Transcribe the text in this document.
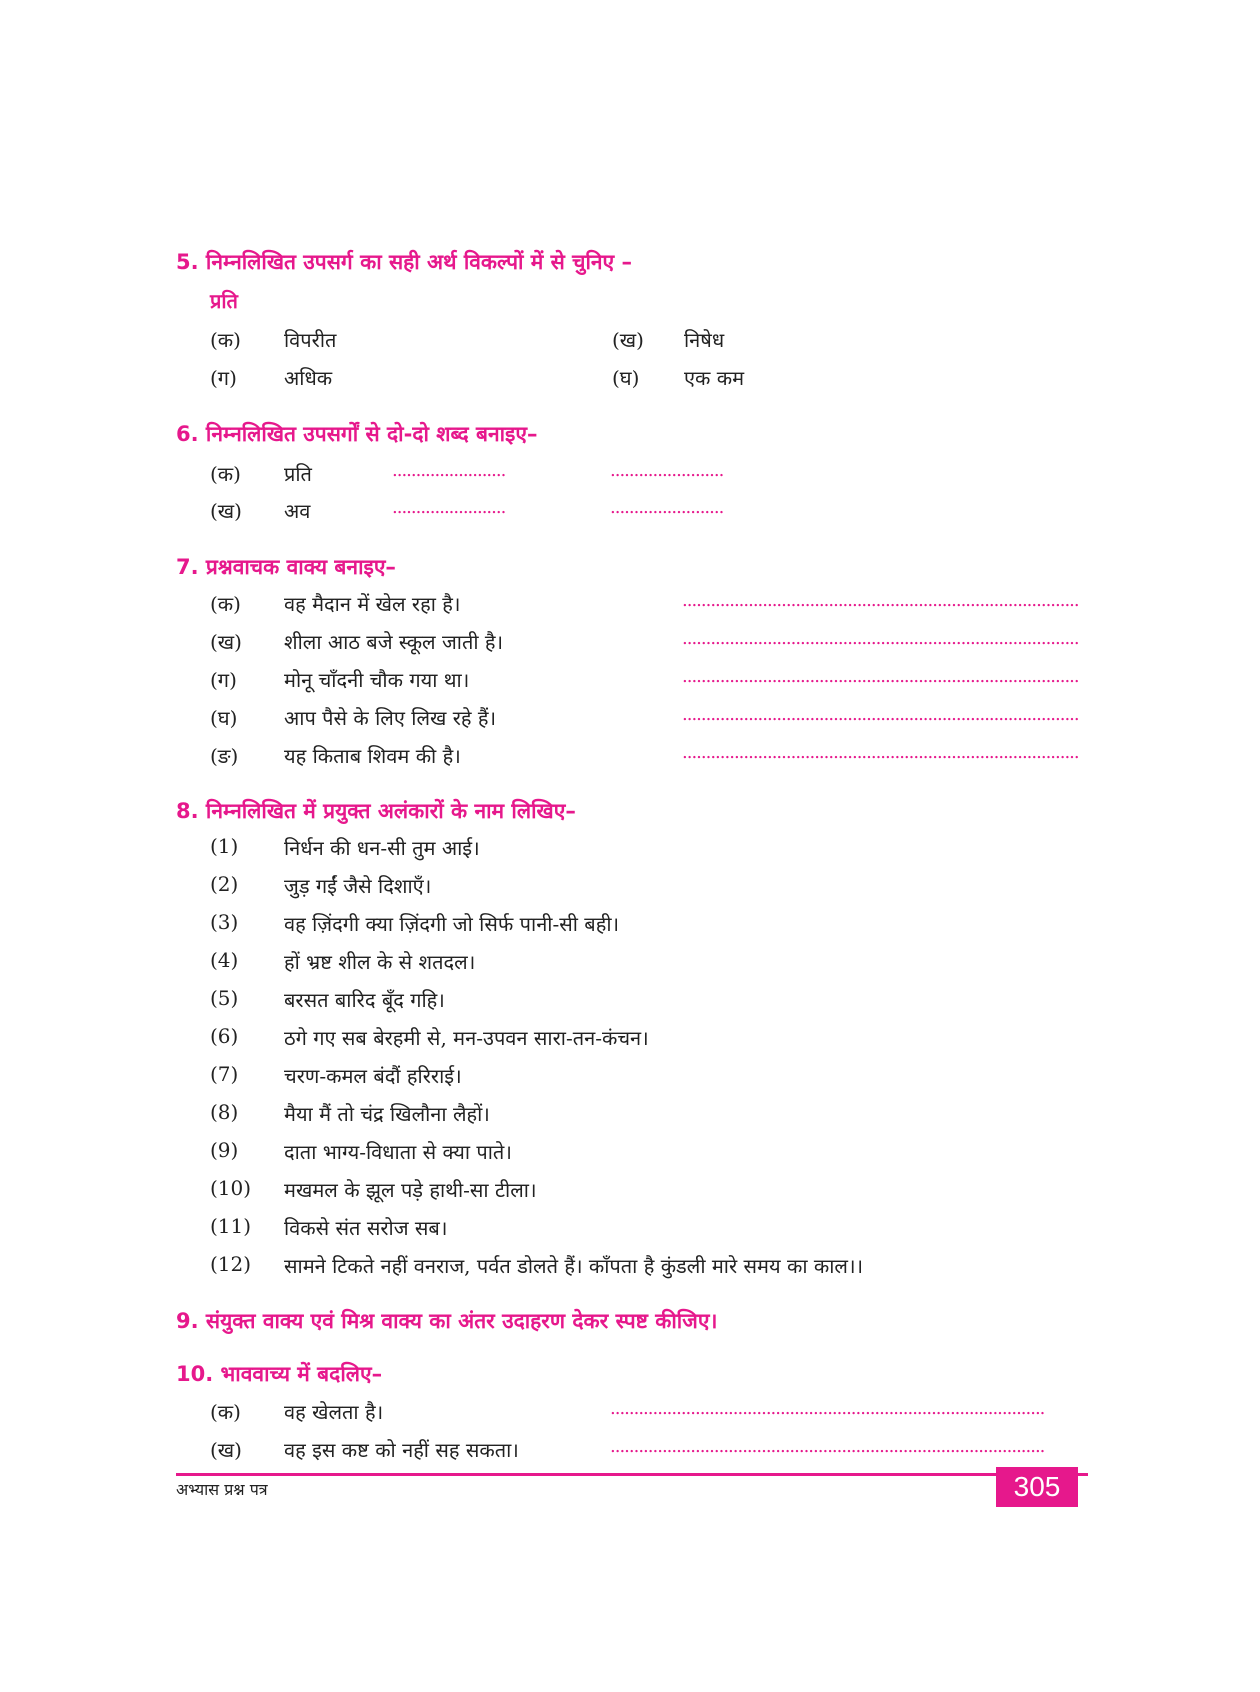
5. निम्नलिखित उपसर्ग का सही अर्थ विकल्पों में से चुनिए –
प्रति
(क) विपरीत	(ख) निषेध
(ग) अधिक	(घ) एक कम
6. निम्नलिखित उपसर्गों से दो-दो शब्द बनाइए–
(क) प्रति	........................	........................
(ख) अव	........................	........................
7. प्रश्नवाचक वाक्य बनाइए–
(क) वह मैदान में खेल रहा है।	....................................................................................
(ख) शीला आठ बजे स्कूल जाती है।	....................................................................................
(ग) मोनू चाँदनी चौक गया था।	....................................................................................
(घ) आप पैसे के लिए लिख रहे हैं।	....................................................................................
(ङ) यह किताब शिवम की है।	....................................................................................
8. निम्नलिखित में प्रयुक्त अलंकारों के नाम लिखिए–
(1) निर्धन की धन-सी तुम आई।
(2) जुड़ गईं जैसे दिशाएँ।
(3) वह ज़िंदगी क्या ज़िंदगी जो सिर्फ पानी-सी बही।
(4) हों भ्रष्ट शील के से शतदल।
(5) बरसत बारिद बूँद गहि।
(6) ठगे गए सब बेरहमी से, मन-उपवन सारा-तन-कंचन।
(7) चरण-कमल बंदौं हरिराई।
(8) मैया मैं तो चंद्र खिलौना लैहों।
(9) दाता भाग्य-विधाता से क्या पाते।
(10) मखमल के झूल पड़े हाथी-सा टीला।
(11) विकसे संत सरोज सब।
(12) सामने टिकते नहीं वनराज, पर्वत डोलते हैं। काँपता है कुंडली मारे समय का काल।।
9. संयुक्त वाक्य एवं मिश्र वाक्य का अंतर उदाहरण देकर स्पष्ट कीजिए।
10. भाववाच्य में बदलिए–
(क) वह खेलता है।	............................................................................................
(ख) वह इस कष्ट को नहीं सह सकता।	............................................................................................
अभ्यास प्रश्न पत्र	305
